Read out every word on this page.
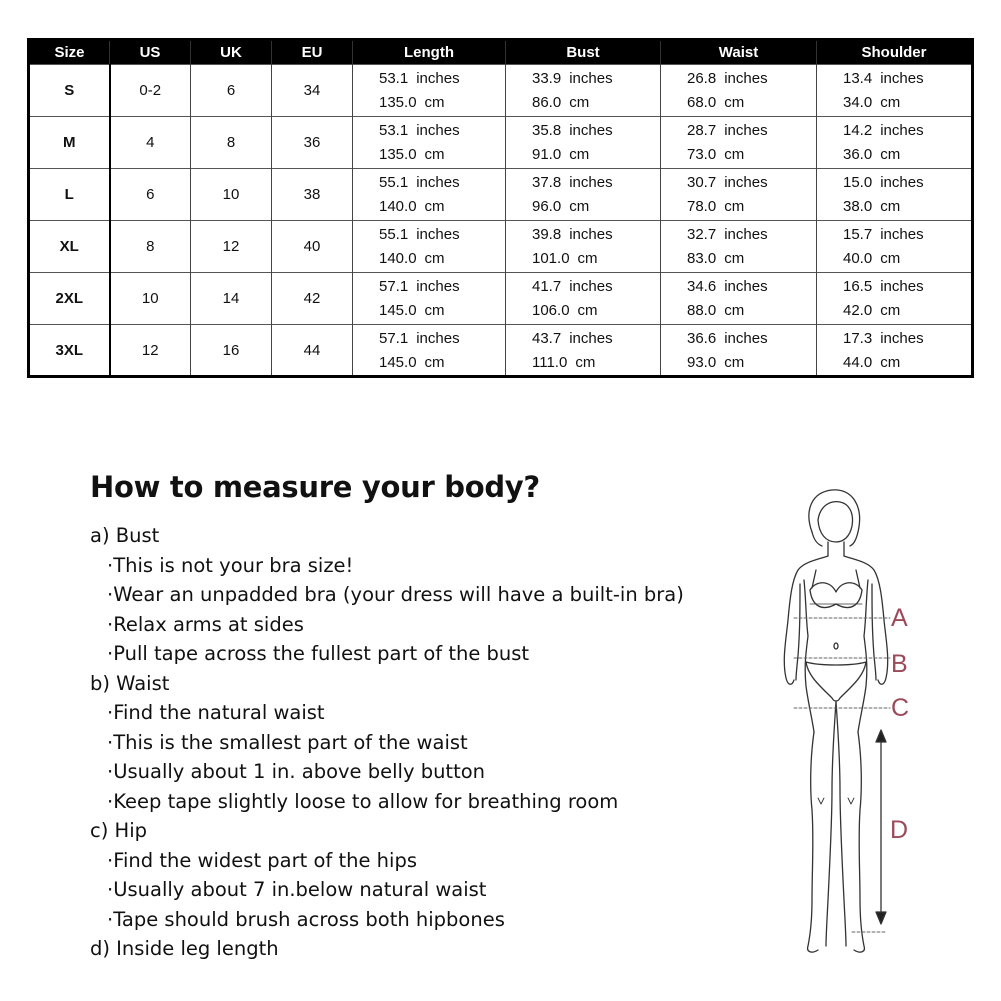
Size	US	UK	EU	Length	Bust	Waist	Shoulder
S	0-2	6	34	53.1 inches	33.9 inches	26.8 inches	13.4 inches

				135.0 cm	86.0 cm	68.0 cm	34.0 cm

M	4	8	36	53.1 inches	35.8 inches	28.7 inches	14.2 inches

				135.0 cm	91.0 cm	73.0 cm	36.0 cm

L	6	10	38	55.1 inches	37.8 inches	30.7 inches	15.0 inches

				140.0 cm	96.0 cm	78.0 cm	38.0 cm

XL	8	12	40	55.1 inches	39.8 inches	32.7 inches	15.7 inches

				140.0 cm	101.0 cm	83.0 cm	40.0 cm

2XL	10	14	42	57.1 inches	41.7 inches	34.6 inches	16.5 inches

				145.0 cm	106.0 cm	88.0 cm	42.0 cm

3XL	12	16	44	57.1 inches	43.7 inches	36.6 inches	17.3 inches

				145.0 cm	111.0 cm	93.0 cm	44.0 cm
How to measure your body?
a) Bust
·This is not your bra size!
·Wear an unpadded bra (your dress will have a built-in bra)
·Relax arms at sides
·Pull tape across the fullest part of the bust
b) Waist
·Find the natural waist
·This is the smallest part of the waist
·Usually about 1 in. above belly button
·Keep tape slightly loose to allow for breathing room
c) Hip
·Find the widest part of the hips
·Usually about 7 in.below natural waist
·Tape should brush across both hipbones
d) Inside leg length
A
B
C
D
